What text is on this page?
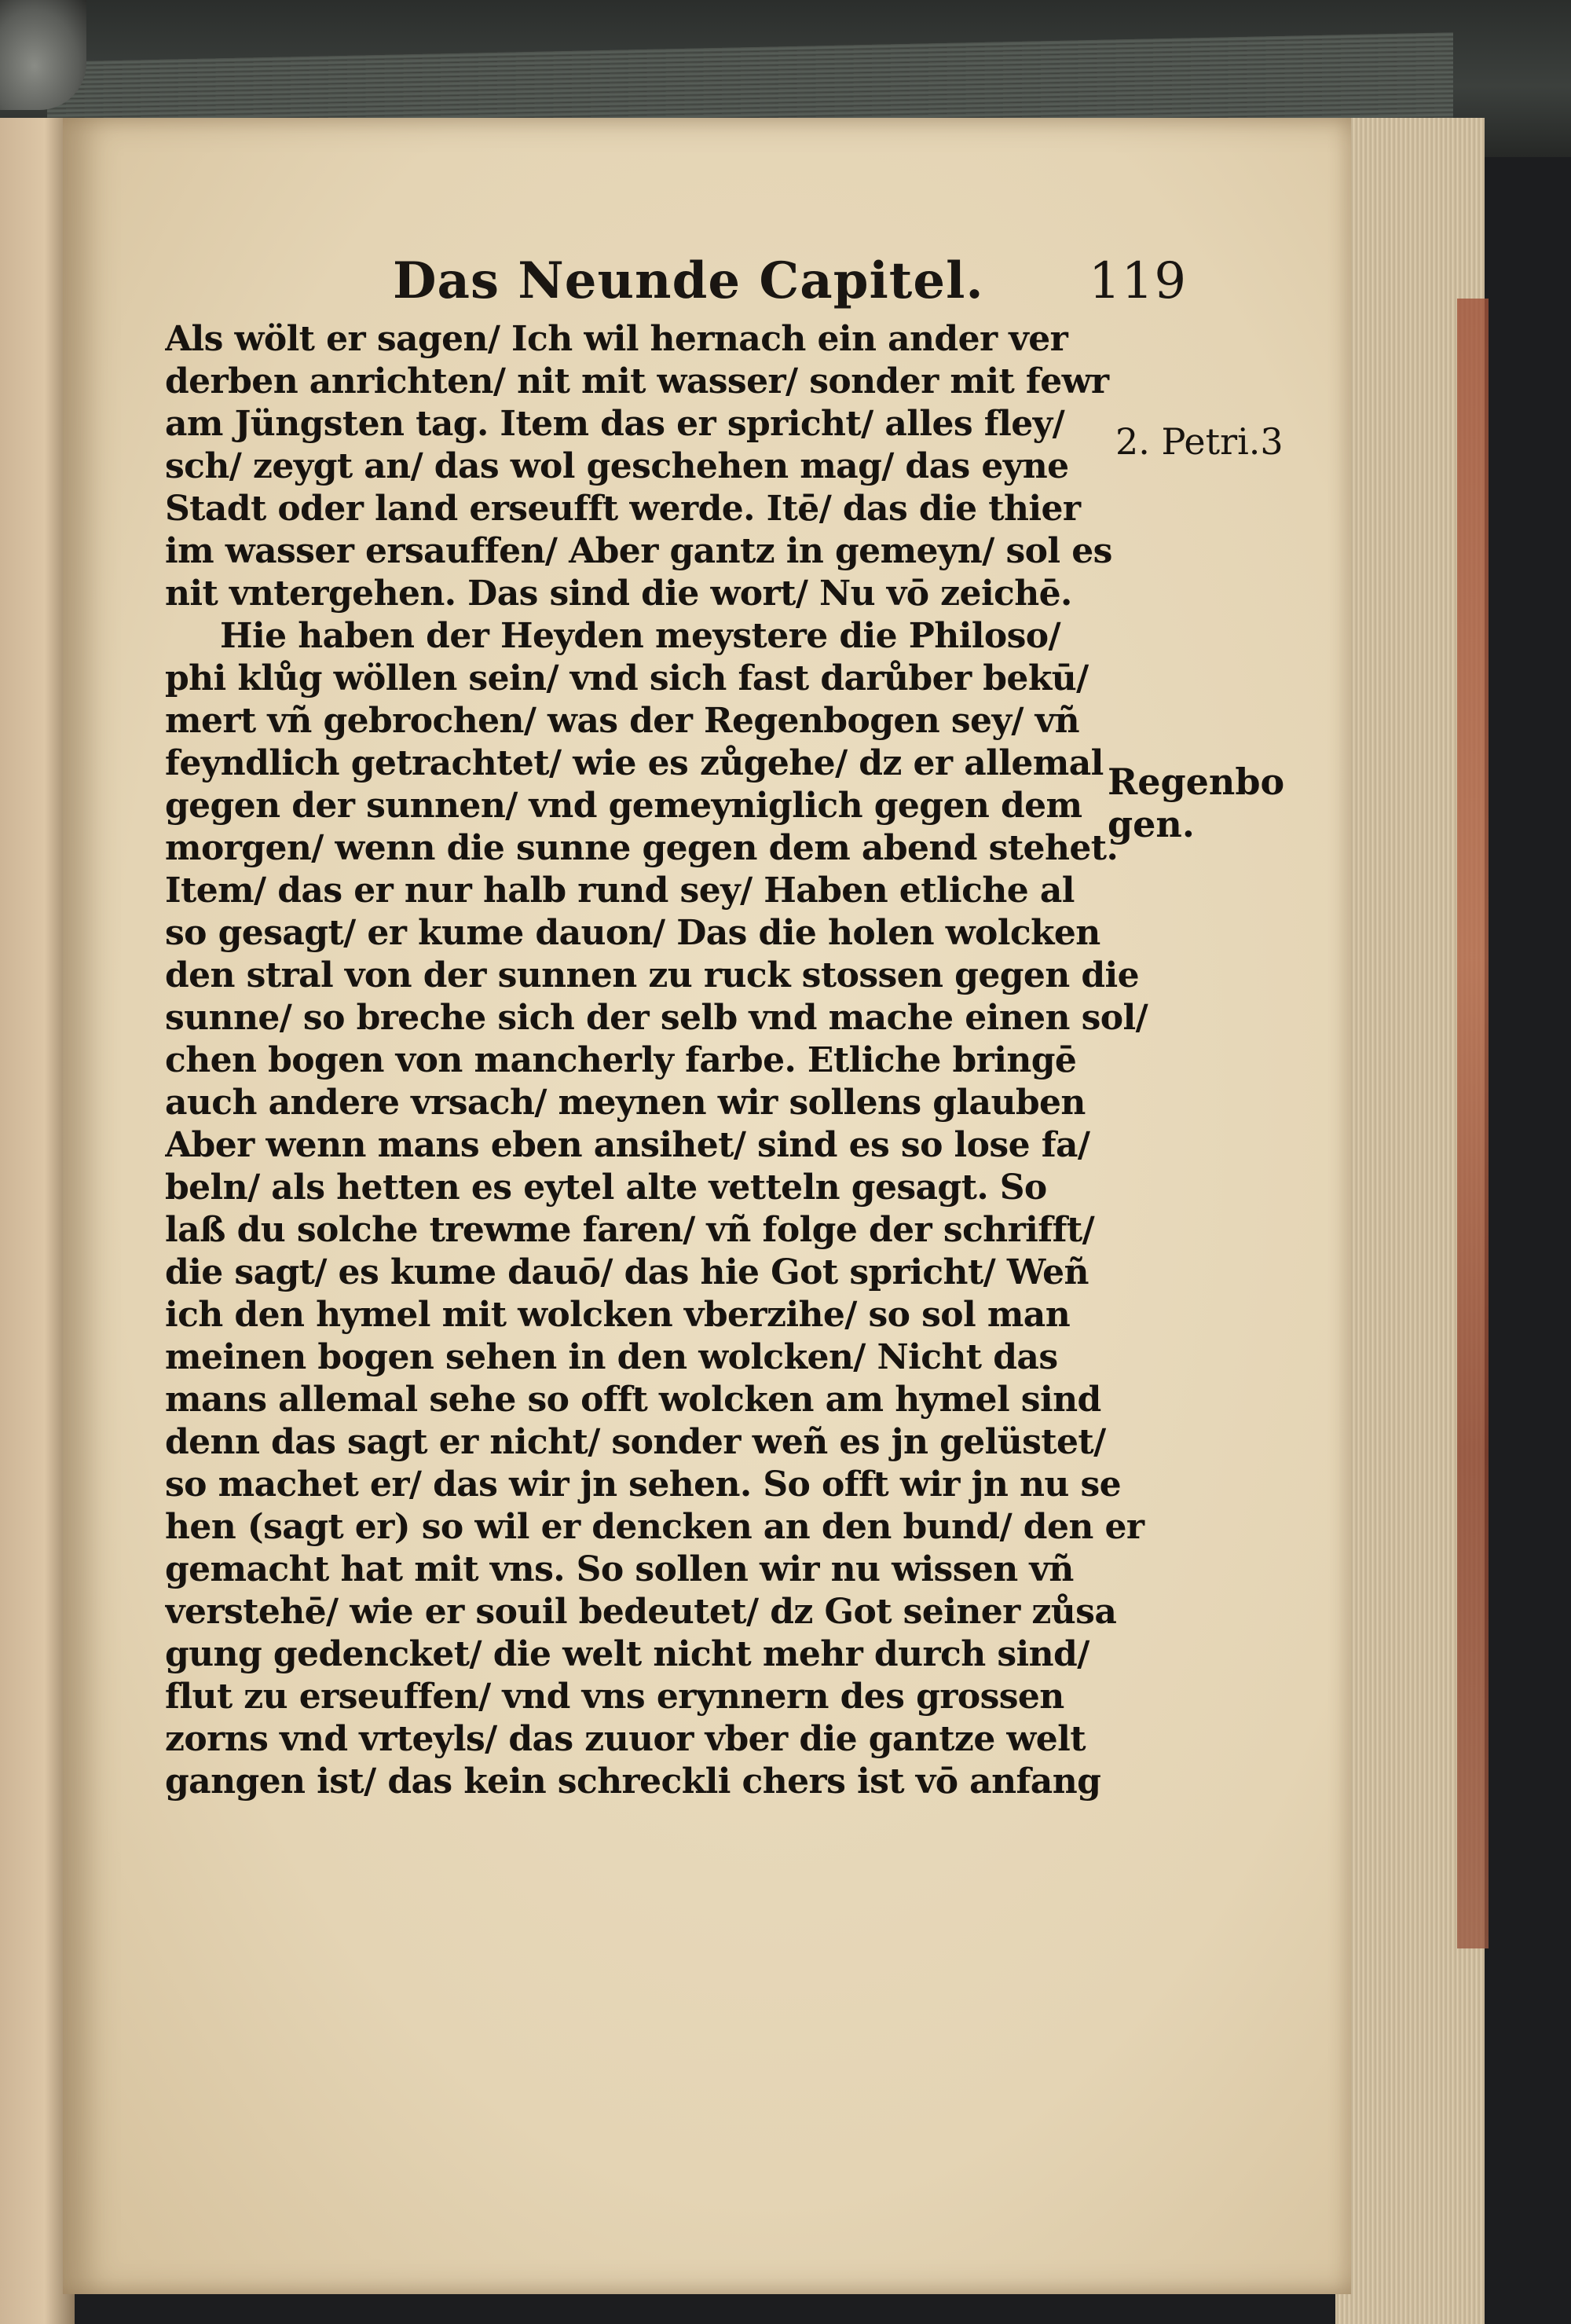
Das Neunde Capitel. 119
Als wölt er sagen/ Ich wil hernach ein ander ver
derben anrichten/ nit mit wasser/ sonder mit fewr
am Jüngsten tag. Item das er spricht/ alles fley/
sch/ zeygt an/ das wol geschehen mag/ das eyne
Stadt oder land erseufft werde. Itē/ das die thier
im wasser ersauffen/ Aber gantz in gemeyn/ sol es
nit vntergehen. Das sind die wort/ Nu vō zeichē.
Hie haben der Heyden meystere die Philoso/
phi klůg wöllen sein/ vnd sich fast darůber bekū/
mert vñ gebrochen/ was der Regenbogen sey/ vñ
feyndlich getrachtet/ wie es zůgehe/ dz er allemal
gegen der sunnen/ vnd gemeyniglich gegen dem
morgen/ wenn die sunne gegen dem abend stehet.
Item/ das er nur halb rund sey/ Haben etliche al
so gesagt/ er kume dauon/ Das die holen wolcken
den stral von der sunnen zu ruck stossen gegen die
sunne/ so breche sich der selb vnd mache einen sol/
chen bogen von mancherly farbe. Etliche bringē
auch andere vrsach/ meynen wir sollens glauben
Aber wenn mans eben ansihet/ sind es so lose fa/
beln/ als hetten es eytel alte vetteln gesagt. So
laß du solche trewme faren/ vñ folge der schrifft/
die sagt/ es kume dauō/ das hie Got spricht/ Weñ
ich den hymel mit wolcken vberzihe/ so sol man
meinen bogen sehen in den wolcken/ Nicht das
mans allemal sehe so offt wolcken am hymel sind
denn das sagt er nicht/ sonder weñ es jn gelüstet/
so machet er/ das wir jn sehen. So offt wir jn nu se
hen (sagt er) so wil er dencken an den bund/ den er
gemacht hat mit vns. So sollen wir nu wissen vñ
verstehē/ wie er souil bedeutet/ dz Got seiner zůsa
gung gedencket/ die welt nicht mehr durch sind/
flut zu erseuffen/ vnd vns erynnern des grossen
zorns vnd vrteyls/ das zuuor vber die gantze welt
gangen ist/ das kein schreckli chers ist vō anfang
2. Petri.3
Regenbo
gen.
